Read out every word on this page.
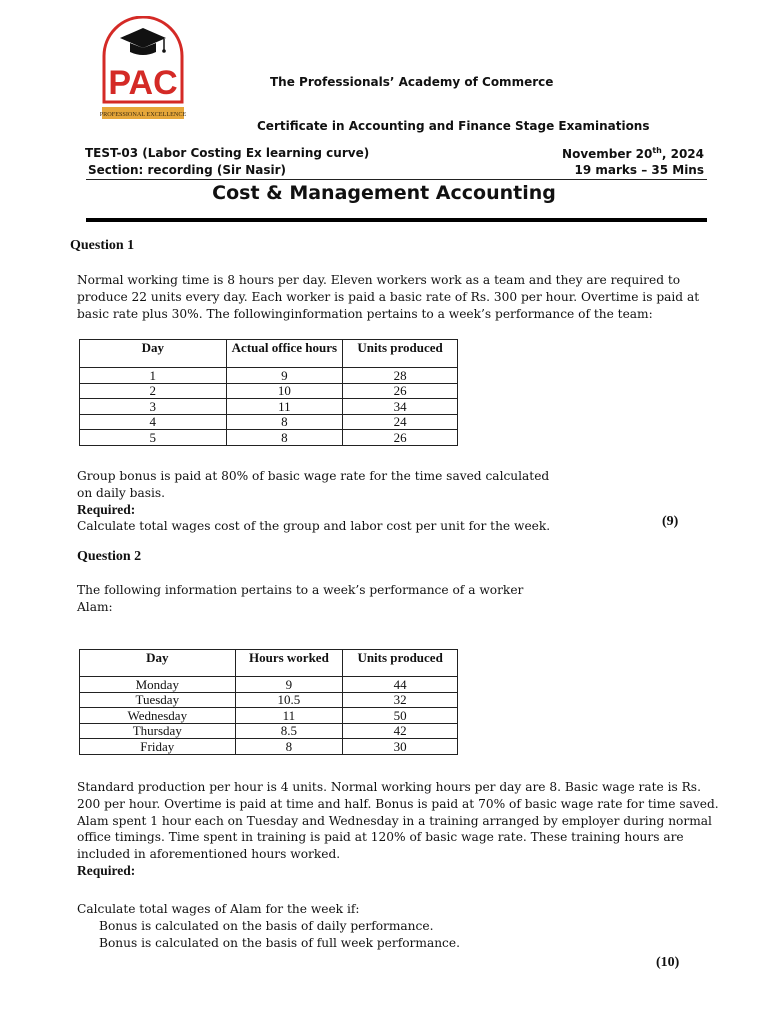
PAC
PROFESSIONAL EXCELLENCE
The Professionals’ Academy of Commerce
Certificate in Accounting and Finance Stage Examinations
TEST-03 (Labor Costing Ex learning curve)
Section: recording (Sir Nasir)
November 20th, 2024
19 marks – 35 Mins
Cost & Management Accounting
Question 1
Normal working time is 8 hours per day. Eleven workers work as a team and they are required to
produce 22 units every day. Each worker is paid a basic rate of Rs. 300 per hour. Overtime is paid at
basic rate plus 30%. The followinginformation pertains to a week’s performance of the team:
Day	Actual office hours	Units produced
1	9	28
2	10	26
3	11	34
4	8	24
5	8	26
Group bonus is paid at 80% of basic wage rate for the time saved calculated
on daily basis.
Required:
Calculate total wages cost of the group and labor cost per unit for the week.	(9)
Question 2
The following information pertains to a week’s performance of a worker
Alam:
Day	Hours worked	Units produced
Monday	9	44
Tuesday	10.5	32
Wednesday	11	50
Thursday	8.5	42
Friday	8	30
Standard production per hour is 4 units. Normal working hours per day are 8. Basic wage rate is Rs.
200 per hour. Overtime is paid at time and half. Bonus is paid at 70% of basic wage rate for time saved.
Alam spent 1 hour each on Tuesday and Wednesday in a training arranged by employer during normal
office timings. Time spent in training is paid at 120% of basic wage rate. These training hours are
included in aforementioned hours worked.
Required:
Calculate total wages of Alam for the week if:
Bonus is calculated on the basis of daily performance.
Bonus is calculated on the basis of full week performance.
(10)
